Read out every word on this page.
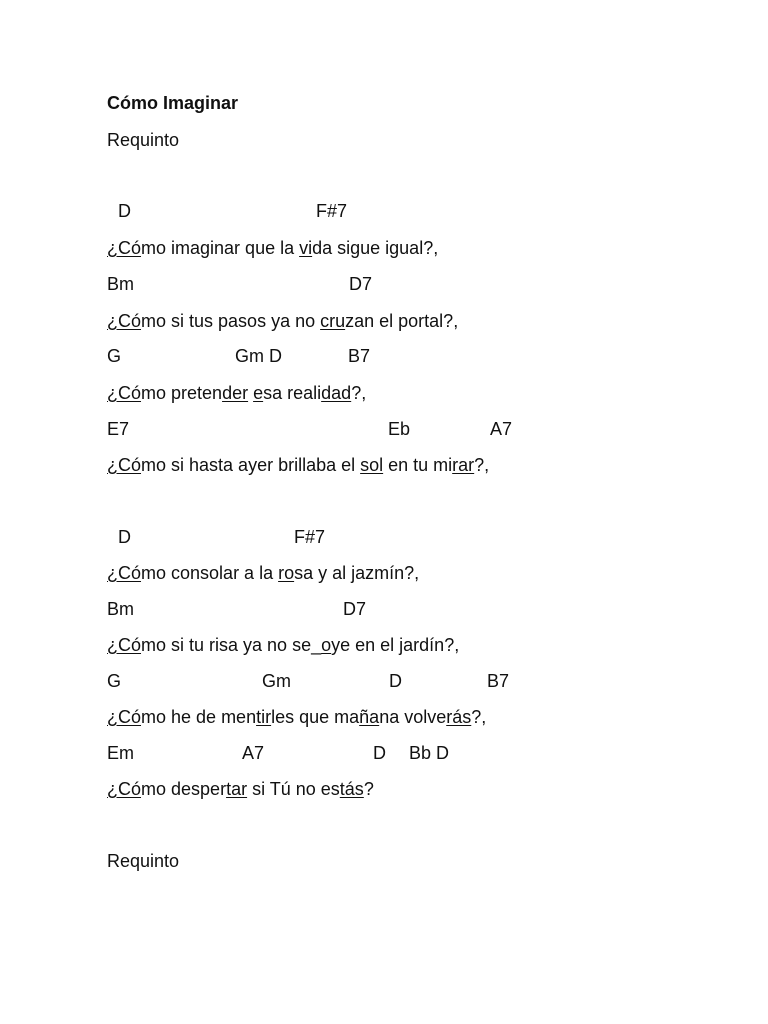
Cómo Imaginar
Requinto
D	F#7
¿Cómo imaginar que la vida sigue igual?,
Bm	D7
¿Cómo si tus pasos ya no cruzan el portal?,
G	Gm D	B7
¿Cómo pretender esa realidad?,
E7	Eb	A7
¿Cómo si hasta ayer brillaba el sol en tu mirar?,
D	F#7
¿Cómo consolar a la rosa y al jazmín?,
Bm	D7
¿Cómo si tu risa ya no se_oye en el jardín?,
G	Gm	D	B7
¿Cómo he de mentirles que mañana volverás?,
Em	A7	D Bb D
¿Cómo despertar si Tú no estás?
Requinto
